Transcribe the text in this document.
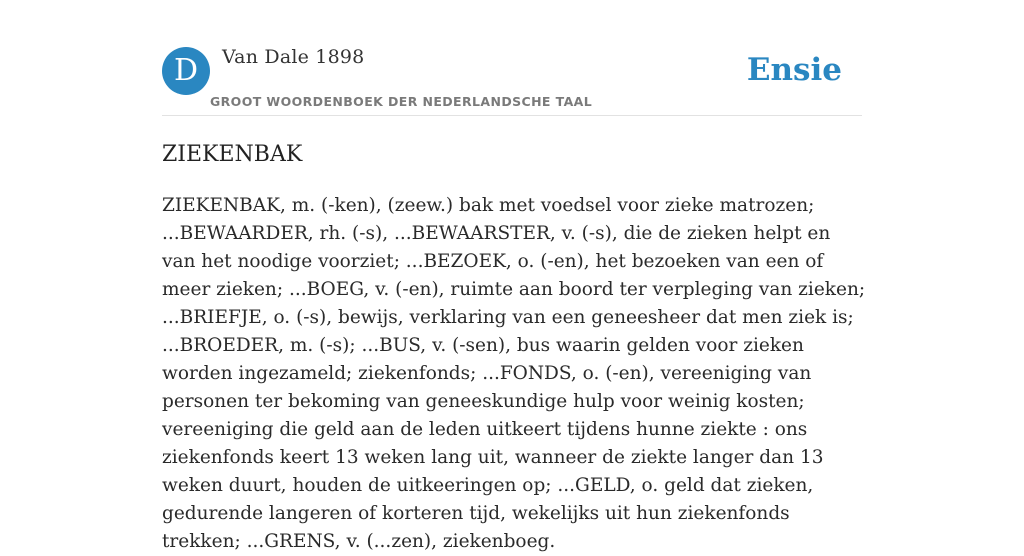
D	Van Dale 1898
GROOT WOORDENBOEK DER NEDERLANDSCHE TAAL
Ensie
ZIEKENBAK

ZIEKENBAK, m. (-ken), (zeew.) bak met voedsel voor zieke matrozen; ...BEWAARDER, rh. (-s), ...BEWAARSTER, v. (-s), die de zieken helpt en van het noodige voorziet; ...BEZOEK, o. (-en), het bezoeken van een of meer zieken; ...BOEG, v. (-en), ruimte aan boord ter verpleging van zieken; ...BRIEFJE, o. (-s), bewijs, verklaring van een geneesheer dat men ziek is; ...BROEDER, m. (-s); ...BUS, v. (-sen), bus waarin gelden voor zieken worden ingezameld; ziekenfonds; ...FONDS, o. (-en), vereeniging van personen ter bekoming van geneeskundige hulp voor weinig kosten; vereeniging die geld aan de leden uitkeert tijdens hunne ziekte : ons ziekenfonds keert 13 weken lang uit, wanneer de ziekte langer dan 13 weken duurt, houden de uitkeeringen op; ...GELD, o. geld dat zieken, gedurende langeren of korteren tijd, wekelijks uit hun ziekenfonds trekken; ...GRENS, v. (...zen), ziekenboeg.
